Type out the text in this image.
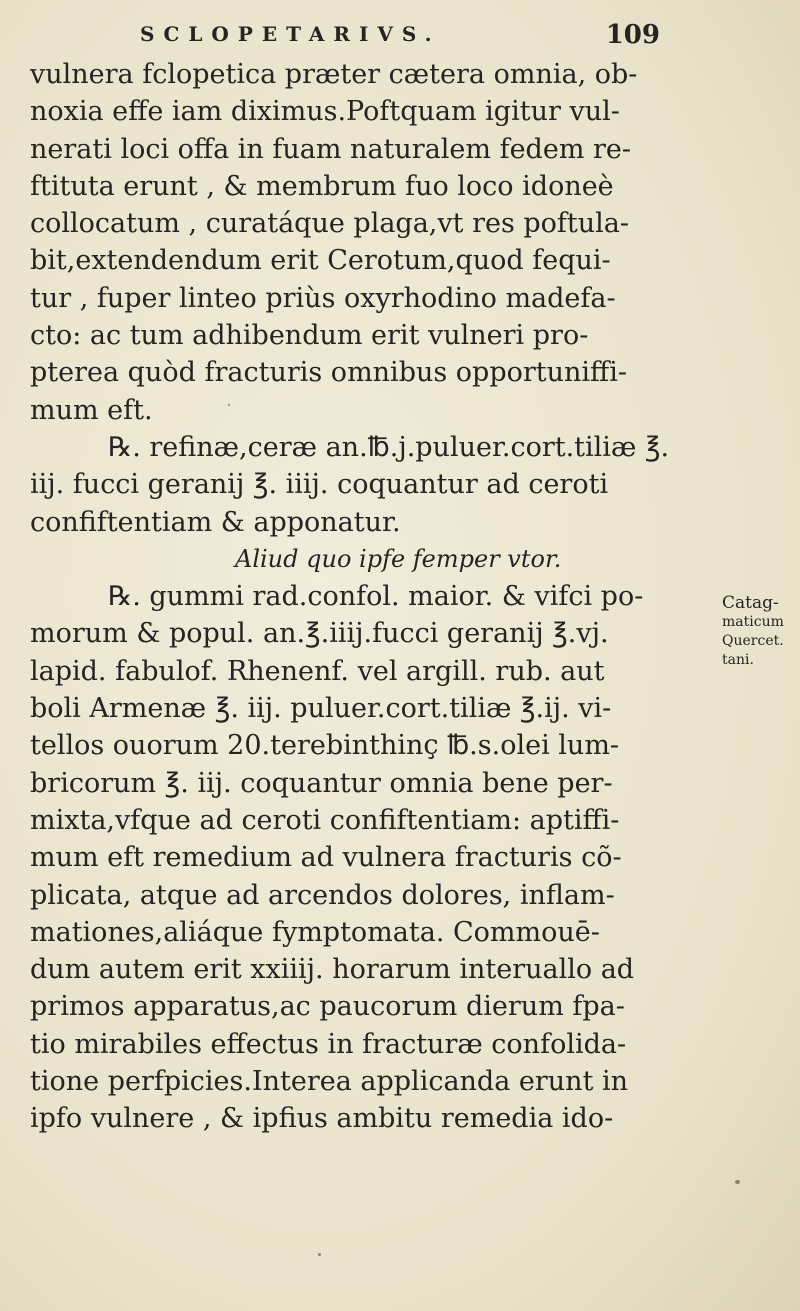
SCLOPETARIVS.	109
vulnera fclopetica præter cætera omnia, ob-
noxia effe iam diximus.Poftquam igitur vul-
nerati loci offa in fuam naturalem fedem re-
ftituta erunt , & membrum fuo loco idoneè
collocatum , curatáque plaga,vt res poftula-
bit,extendendum erit Cerotum,quod fequi-
tur , fuper linteo priùs oxyrhodino madefa-
cto: ac tum adhibendum erit vulneri pro-
pterea quòd fracturis omnibus opportuniffi-
mum eft.
℞. refinæ,ceræ an.℔.j.puluer.cort.tiliæ ℥.
iij. fucci geranij ℥. iiij. coquantur ad ceroti
confiftentiam & apponatur.
Aliud quo ipfe femper vtor.
℞. gummi rad.confol. maior. & vifci po-
morum & popul. an.℥.iiij.fucci geranij ℥.vj.
lapid. fabulof. Rhenenf. vel argill. rub. aut
boli Armenæ ℥. iij. puluer.cort.tiliæ ℥.ij. vi-
tellos ouorum 20.terebinthinç ℔.s.olei lum-
bricorum ℥. iij. coquantur omnia bene per-
mixta,vfque ad ceroti confiftentiam: aptiffi-
mum eft remedium ad vulnera fracturis cõ-
plicata, atque ad arcendos dolores, inflam-
mationes,aliáque fymptomata. Commouē-
dum autem erit xxiiij. horarum interuallo ad
primos apparatus,ac paucorum dierum fpa-
tio mirabiles effectus in fracturæ confolida-
tione perfpicies.Interea applicanda erunt in
ipfo vulnere , & ipfius ambitu remedia ido-
Catag-
maticum
Quercet.
tani.
